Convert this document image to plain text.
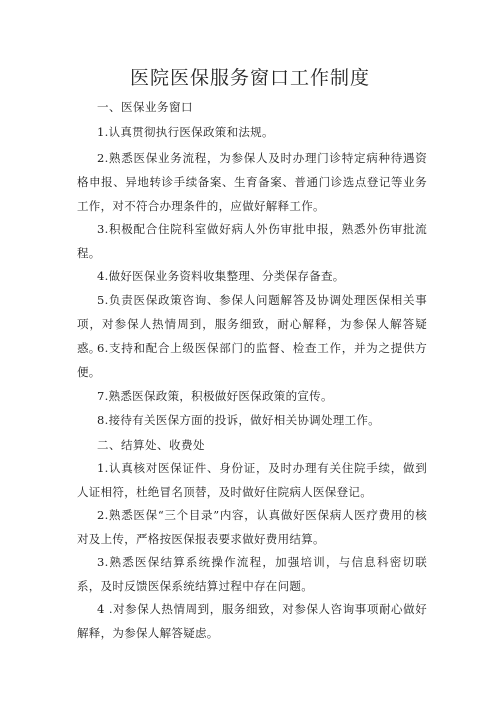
医院医保服务窗口工作制度
一、医保业务窗口

1.认真贯彻执行医保政策和法规。

2.熟悉医保业务流程，为参保人及时办理门诊特定病种待遇资格申报、异地转诊手续备案、生育备案、普通门诊选点登记等业务工作，对不符合办理条件的，应做好解释工作。

3.积极配合住院科室做好病人外伤审批申报，熟悉外伤审批流程。

4.做好医保业务资料收集整理、分类保存备查。

5.负责医保政策咨询、参保人问题解答及协调处理医保相关事项，对参保人热情周到，服务细致，耐心解释，为参保人解答疑惑。

6.支持和配合上级医保部门的监督、检查工作，并为之提供方便。

7.熟悉医保政策，积极做好医保政策的宣传。

8.接待有关医保方面的投诉，做好相关协调处理工作。

二、结算处、收费处

1.认真核对医保证件、身份证，及时办理有关住院手续，做到人证相符，杜绝冒名顶替，及时做好住院病人医保登记。

2.熟悉医保“三个目录”内容，认真做好医保病人医疗费用的核对及上传，严格按医保报表要求做好费用结算。

3.熟悉医保结算系统操作流程，加强培训，与信息科密切联系，及时反馈医保系统结算过程中存在问题。

4 .对参保人热情周到，服务细致，对参保人咨询事项耐心做好解释，为参保人解答疑虑。
